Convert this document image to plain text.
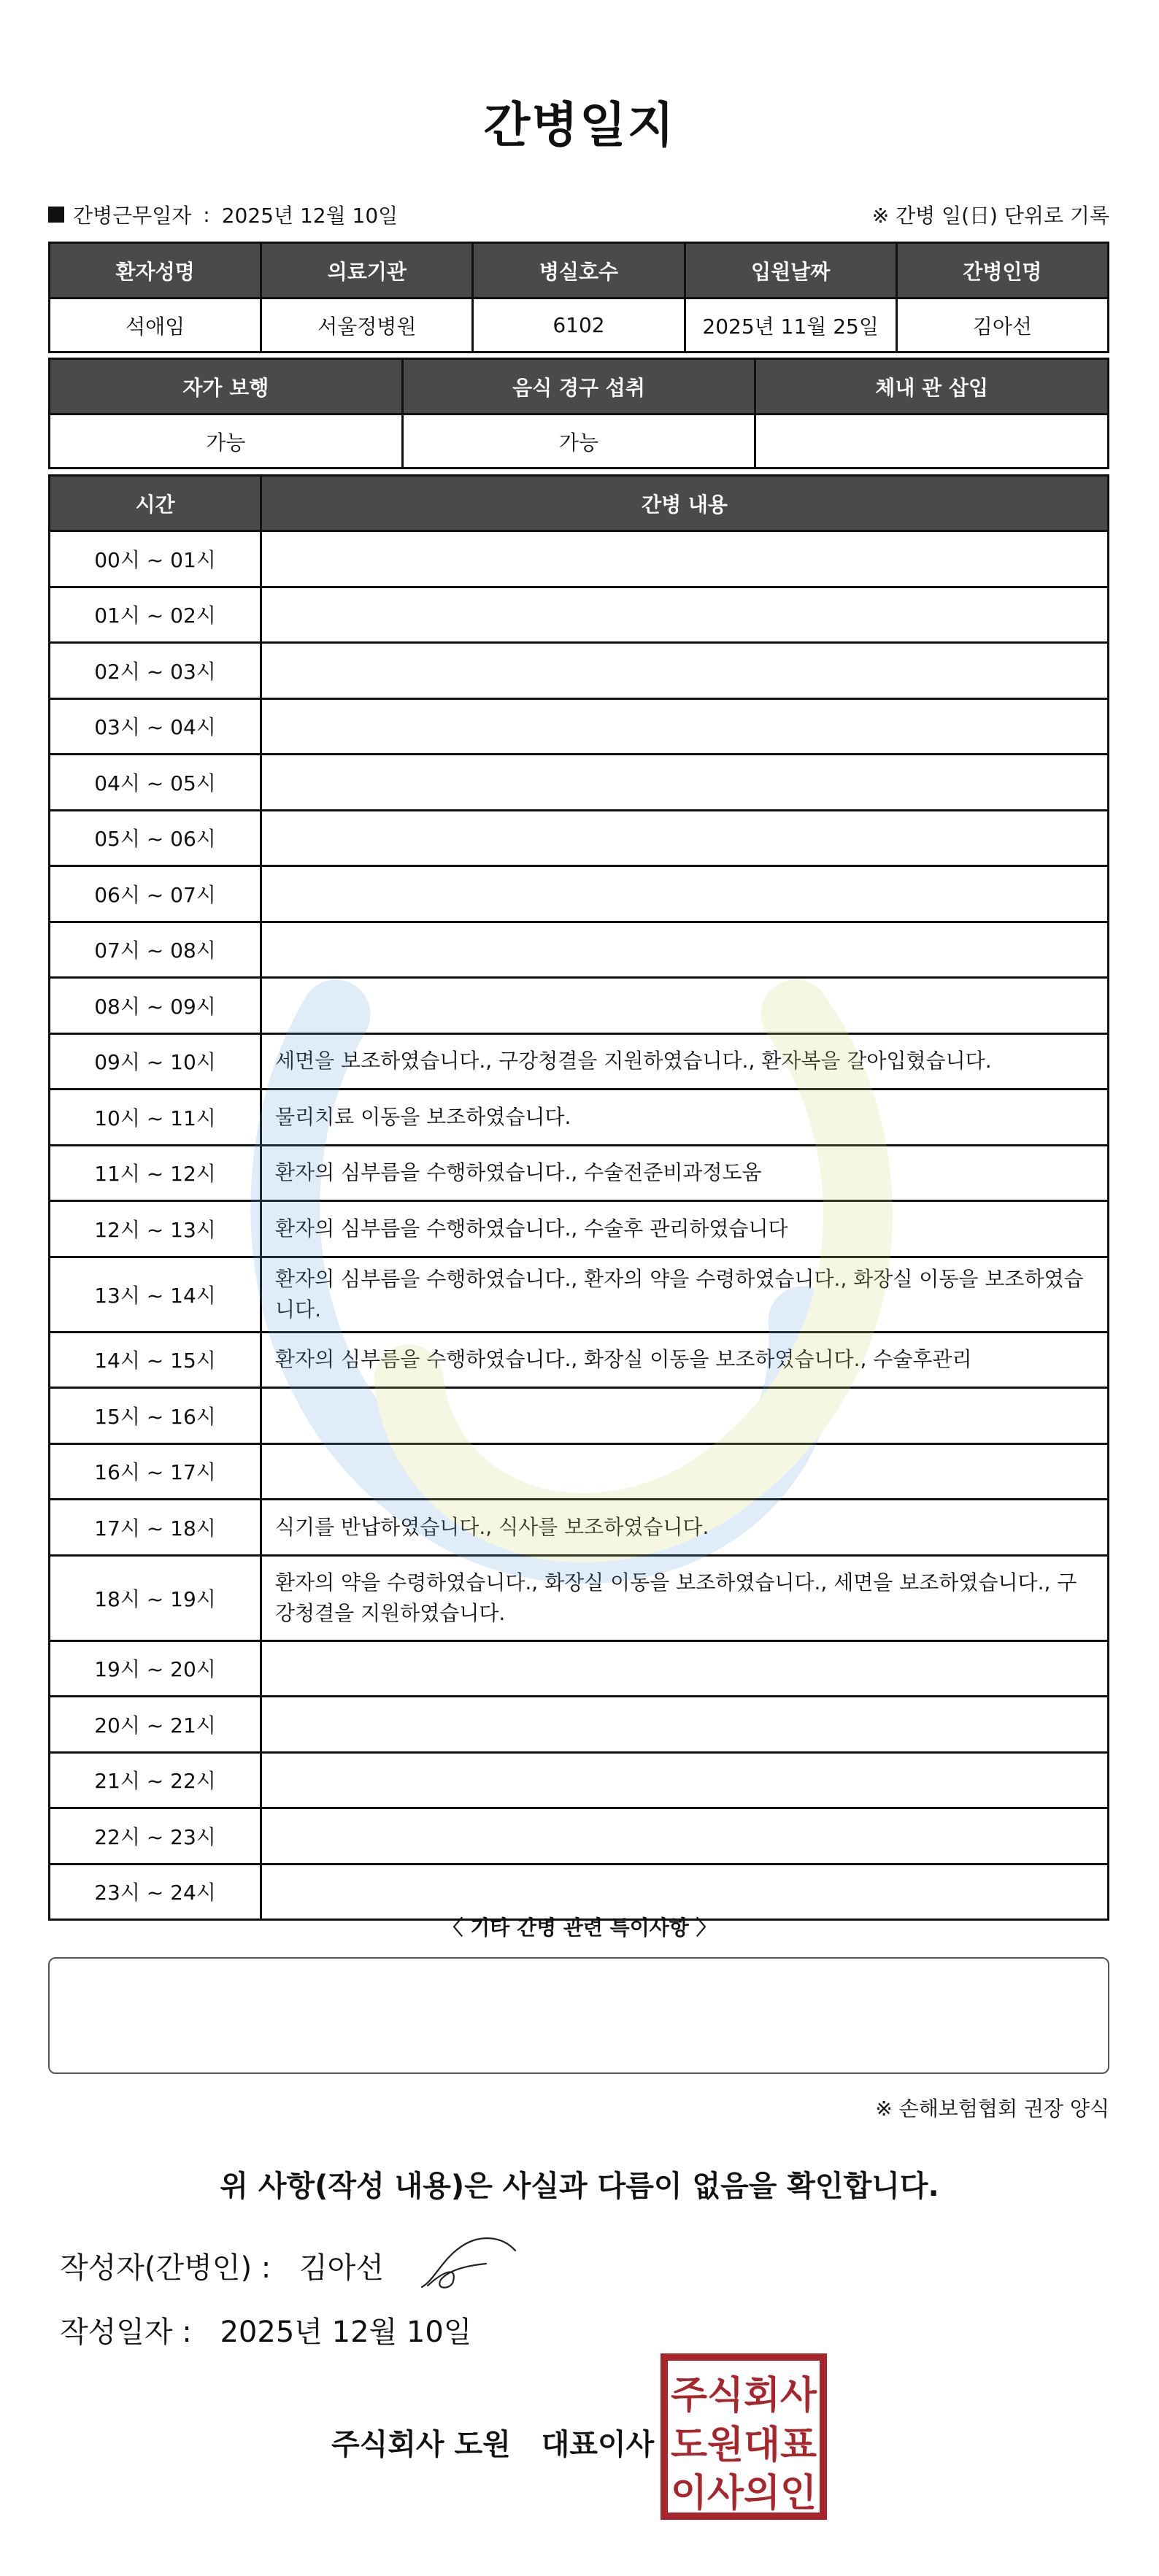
간병일지
간병근무일자 : 2025년 12월 10일	※ 간병 일(日) 단위로 기록
환자성명	의료기관	병실호수	입원날짜	간병인명
석애임	서울정병원	6102	2025년 11월 25일	김아선
자가 보행	음식 경구 섭취	체내 관 삽입
가능	가능	
시간	간병 내용
00시 ~ 01시	
01시 ~ 02시	
02시 ~ 03시	
03시 ~ 04시	
04시 ~ 05시	
05시 ~ 06시	
06시 ~ 07시	
07시 ~ 08시	
08시 ~ 09시	
09시 ~ 10시	세면을 보조하였습니다., 구강청결을 지원하였습니다., 환자복을 갈아입혔습니다.
10시 ~ 11시	물리치료 이동을 보조하였습니다.
11시 ~ 12시	환자의 심부름을 수행하였습니다., 수술전준비과정도움
12시 ~ 13시	환자의 심부름을 수행하였습니다., 수술후 관리하였습니다
13시 ~ 14시	환자의 심부름을 수행하였습니다., 환자의 약을 수령하였습니다., 화장실 이동을 보조하였습니다.
14시 ~ 15시	환자의 심부름을 수행하였습니다., 화장실 이동을 보조하였습니다., 수술후관리
15시 ~ 16시	
16시 ~ 17시	
17시 ~ 18시	식기를 반납하였습니다., 식사를 보조하였습니다.
18시 ~ 19시	환자의 약을 수령하였습니다., 화장실 이동을 보조하였습니다., 세면을 보조하였습니다., 구강청결을 지원하였습니다.
19시 ~ 20시	
20시 ~ 21시	
21시 ~ 22시	
22시 ~ 23시	
23시 ~ 24시	
〈 기타 간병 관련 특이사항 〉
※ 손해보험협회 권장 양식
위 사항(작성 내용)은 사실과 다름이 없음을 확인합니다.
작성자(간병인) : 김아선
작성일자 : 2025년 12월 10일
주식회사 도원 대표이사
주식회사
도원대표
이사의인
